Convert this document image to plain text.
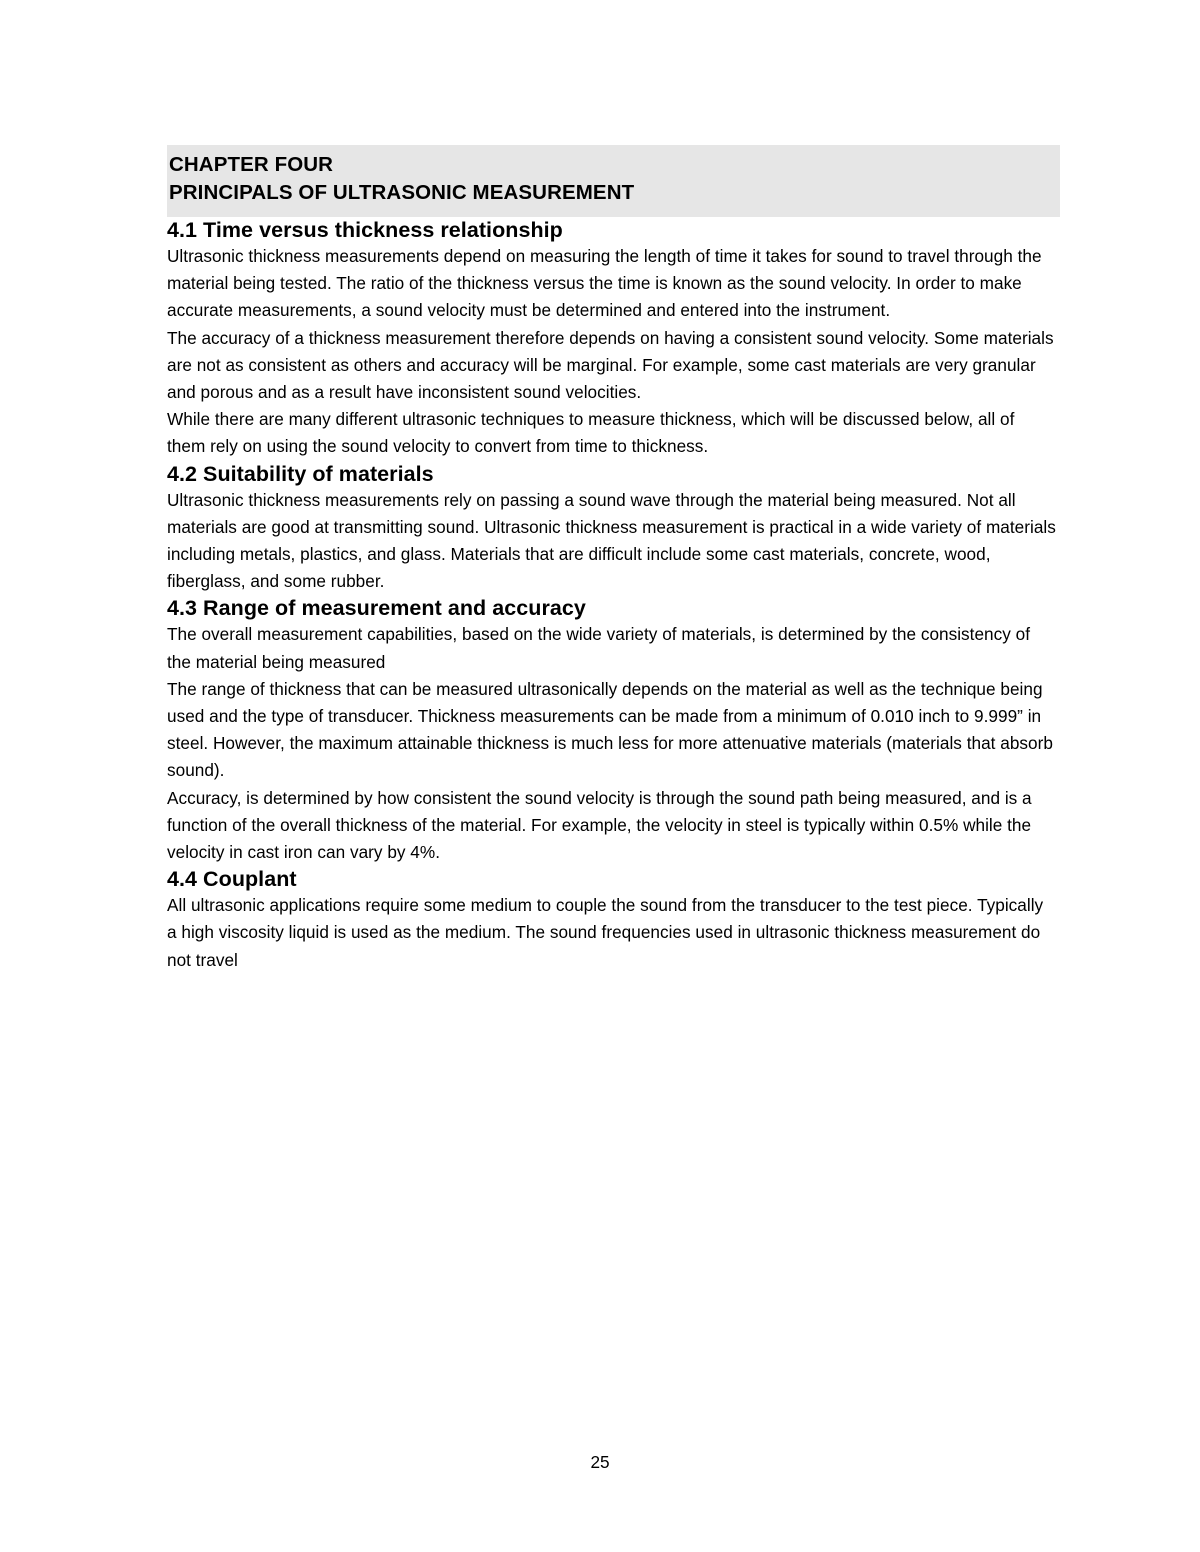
CHAPTER FOUR
PRINCIPALS OF ULTRASONIC MEASUREMENT
4.1 Time versus thickness relationship

Ultrasonic thickness measurements depend on measuring the length of time it takes for sound to travel through the material being tested. The ratio of the thickness versus the time is known as the sound velocity. In order to make accurate measurements, a sound velocity must be determined and entered into the instrument.

The accuracy of a thickness measurement therefore depends on having a consistent sound velocity. Some materials are not as consistent as others and accuracy will be marginal. For example, some cast materials are very granular and porous and as a result have inconsistent sound velocities.

While there are many different ultrasonic techniques to measure thickness, which will be discussed below, all of them rely on using the sound velocity to convert from time to thickness.

4.2 Suitability of materials

Ultrasonic thickness measurements rely on passing a sound wave through the material being measured. Not all materials are good at transmitting sound. Ultrasonic thickness measurement is practical in a wide variety of materials including metals, plastics, and glass. Materials that are difficult include some cast materials, concrete, wood, fiberglass, and some rubber.

4.3 Range of measurement and accuracy

The overall measurement capabilities, based on the wide variety of materials, is determined by the consistency of the material being measured

The range of thickness that can be measured ultrasonically depends on the material as well as the technique being used and the type of transducer. Thickness measurements can be made from a minimum of 0.010 inch to 9.999” in steel. However, the maximum attainable thickness is much less for more attenuative materials (materials that absorb sound).

Accuracy, is determined by how consistent the sound velocity is through the sound path being measured, and is a function of the overall thickness of the material. For example, the velocity in steel is typically within 0.5% while the velocity in cast iron can vary by 4%.

4.4 Couplant

All ultrasonic applications require some medium to couple the sound from the transducer to the test piece. Typically a high viscosity liquid is used as the medium. The sound frequencies used in ultrasonic thickness measurement do not travel

25
